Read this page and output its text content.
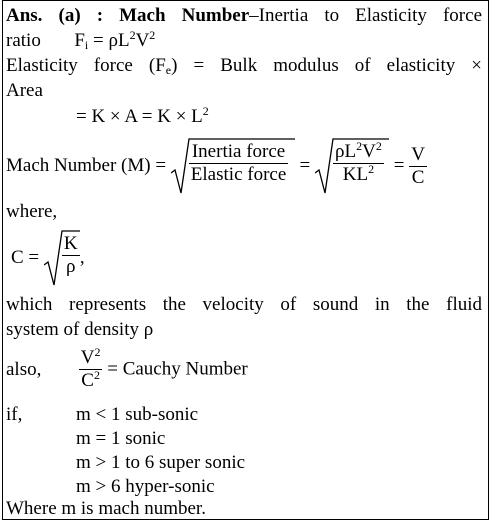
Ans. (a) : Mach Number–Inertia to Elasticity force
ratio $F_i = \rho L^2V^2$
Elasticity force $(F_e)$ = Bulk modulus of elasticity ×
Area
= $K \times A = K \times L^2$
Mach Number (M) =
Inertia force
Elastic force = $\frac{\rho L^2V^2}{KL^2} = \frac{V}{C}$
where,
$C = \frac{K}{\rho}$ ,
which represents the velocity of sound in the fluid
system of density ρ
also, $\frac{V^2}{C^2}$ = Cauchy Number
if,	m < 1 sub-sonic
m = 1 sonic
m > 1 to 6 super sonic
m > 6 hyper-sonic
Where m is mach number.
